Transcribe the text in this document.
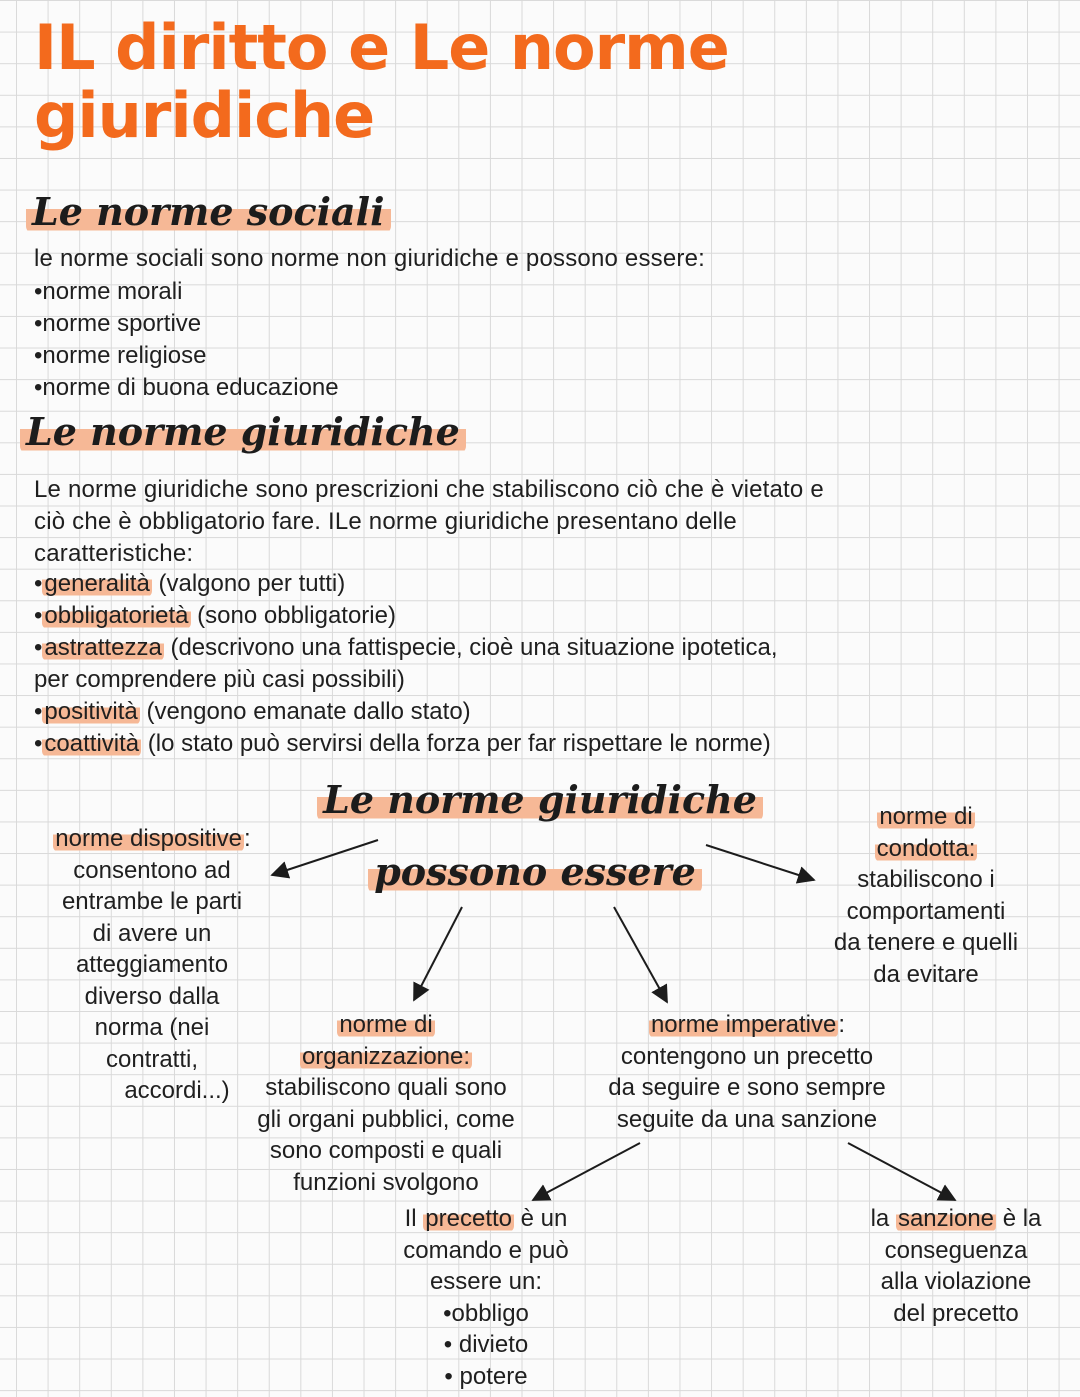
IL diritto e Le norme
giuridiche
Le norme sociali
le norme sociali sono norme non giuridiche e possono essere:
• norme morali
• norme sportive
• norme religiose
• norme di buona educazione
Le norme giuridiche
Le norme giuridiche sono prescrizioni che stabiliscono ciò che è vietato e
ciò che è obbligatorio fare. ILe norme giuridiche presentano delle
caratteristiche:
• generalità (valgono per tutti)
• obbligatorietà (sono obbligatorie)
• astrattezza (descrivono una fattispecie, cioè una situazione ipotetica,
per comprendere più casi possibili)
• positività (vengono emanate dallo stato)
• coattività (lo stato può servirsi della forza per far rispettare le norme)
Le norme giuridiche
possono essere
norme dispositive:
consentono ad
entrambe le parti
di avere un
atteggiamento
diverso dalla
norma (nei
contratti,
accordi...)
norme di
condotta:
stabiliscono i
comportamenti
da tenere e quelli
da evitare
norme di
organizzazione:
stabiliscono quali sono
gli organi pubblici, come
sono composti e quali
funzioni svolgono
norme imperative:
contengono un precetto
da seguire e sono sempre
seguite da una sanzione
Il precetto è un
comando e può
essere un:
•obbligo
• divieto
• potere
la sanzione è la
conseguenza
alla violazione
del precetto
